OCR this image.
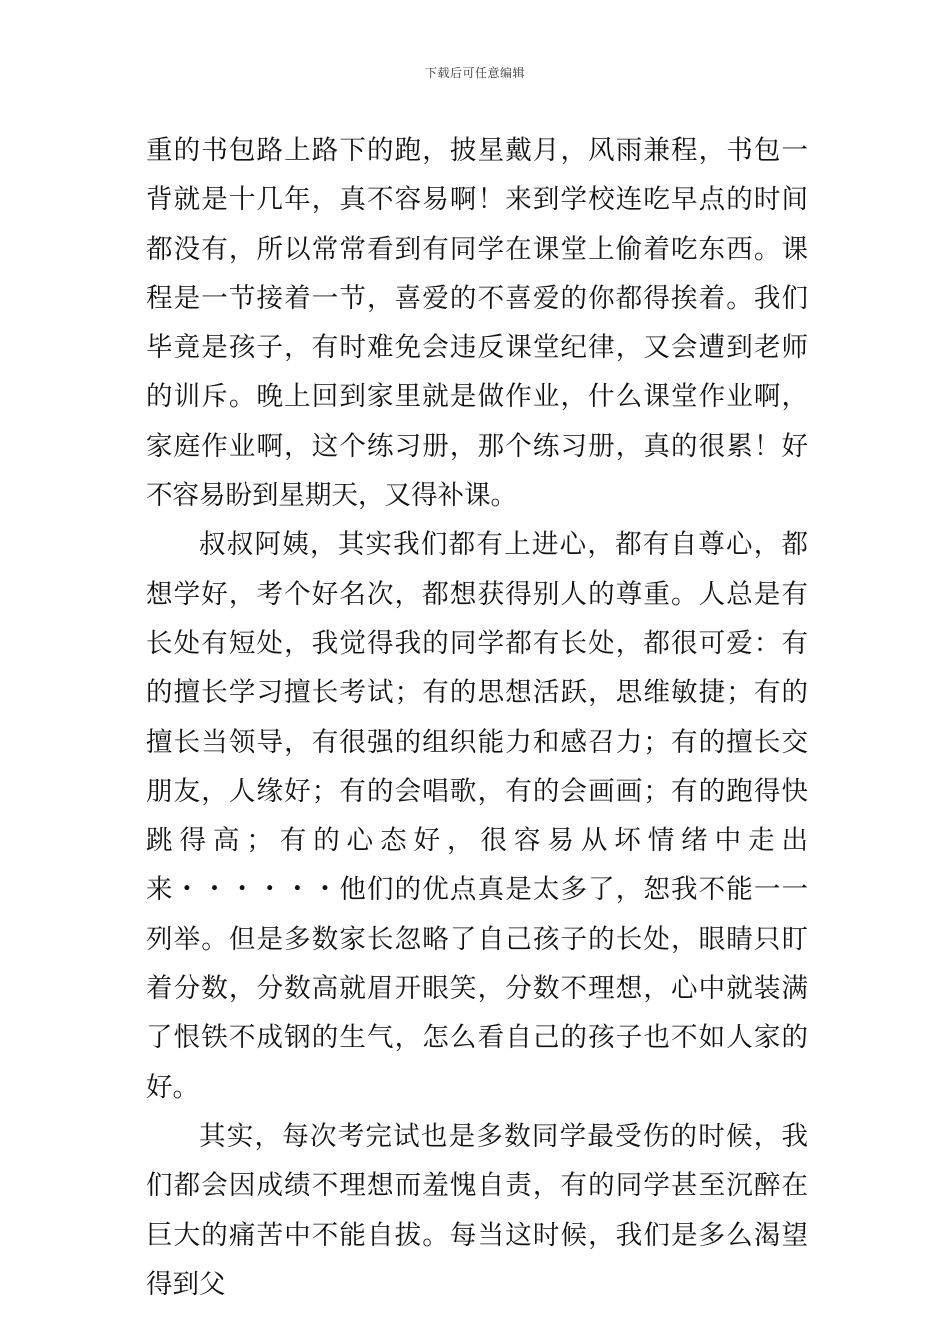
下载后可任意编辑

重的书包路上路下的跑，披星戴月，风雨兼程，书包一背就是十几年，真不容易啊！来到学校连吃早点的时间都没有，所以常常看到有同学在课堂上偷着吃东西。课程是一节接着一节，喜爱的不喜爱的你都得挨着。我们毕竟是孩子，有时难免会违反课堂纪律，又会遭到老师的训斥。晚上回到家里就是做作业，什么课堂作业啊，家庭作业啊，这个练习册，那个练习册，真的很累！好不容易盼到星期天，又得补课。

叔叔阿姨，其实我们都有上进心，都有自尊心，都想学好，考个好名次，都想获得别人的尊重。人总是有长处有短处，我觉得我的同学都有长处，都很可爱：有的擅长学习擅长考试；有的思想活跃，思维敏捷；有的擅长当领导，有很强的组织能力和感召力；有的擅长交朋友，人缘好；有的会唱歌，有的会画画；有的跑得快跳得高；有的心态好，很容易从坏情绪中走出来・・・・・・他们的优点真是太多了，恕我不能一一列举。但是多数家长忽略了自己孩子的长处，眼睛只盯着分数，分数高就眉开眼笑，分数不理想，心中就装满了恨铁不成钢的生气，怎么看自己的孩子也不如人家的好。

其实，每次考完试也是多数同学最受伤的时候，我们都会因成绩不理想而羞愧自责，有的同学甚至沉醉在巨大的痛苦中不能自拔。每当这时候，我们是多么渴望得到父
